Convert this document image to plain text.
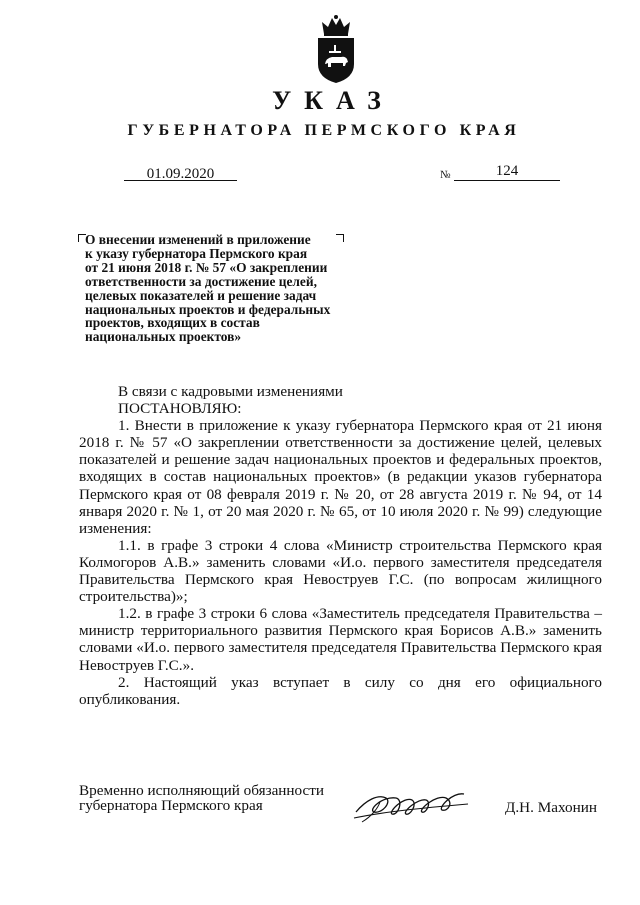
УКАЗ
ГУБЕРНАТОРА ПЕРМСКОГО КРАЯ
01.09.2020	№	124
О внесении изменений в приложение
к указу губернатора Пермского края
от 21 июня 2018 г. № 57 «О закреплении
ответственности за достижение целей,
целевых показателей и решение задач
национальных проектов и федеральных
проектов, входящих в состав
национальных проектов»

В связи с кадровыми изменениями

ПОСТАНОВЛЯЮ:

1. Внести в приложение к указу губернатора Пермского края от 21 июня 2018 г. № 57 «О закреплении ответственности за достижение целей, целевых показателей и решение задач национальных проектов и федеральных проектов, входящих в состав национальных проектов» (в редакции указов губернатора Пермского края от 08 февраля 2019 г. № 20, от 28 августа 2019 г. № 94, от 14 января 2020 г. № 1, от 20 мая 2020 г. № 65, от 10 июля 2020 г. № 99) следующие изменения:

1.1. в графе 3 строки 4 слова «Министр строительства Пермского края Колмогоров А.В.» заменить словами «И.о. первого заместителя председателя Правительства Пермского края Невоструев Г.С. (по вопросам жилищного строительства)»;

1.2. в графе 3 строки 6 слова «Заместитель председателя Правительства – министр территориального развития Пермского края Борисов А.В.» заменить словами «И.о. первого заместителя председателя Правительства Пермского края Невоструев Г.С.».

2. Настоящий указ вступает в силу со дня его официального опубликования.

Временно исполняющий обязанности
губернатора Пермского края	Д.Н. Махонин
